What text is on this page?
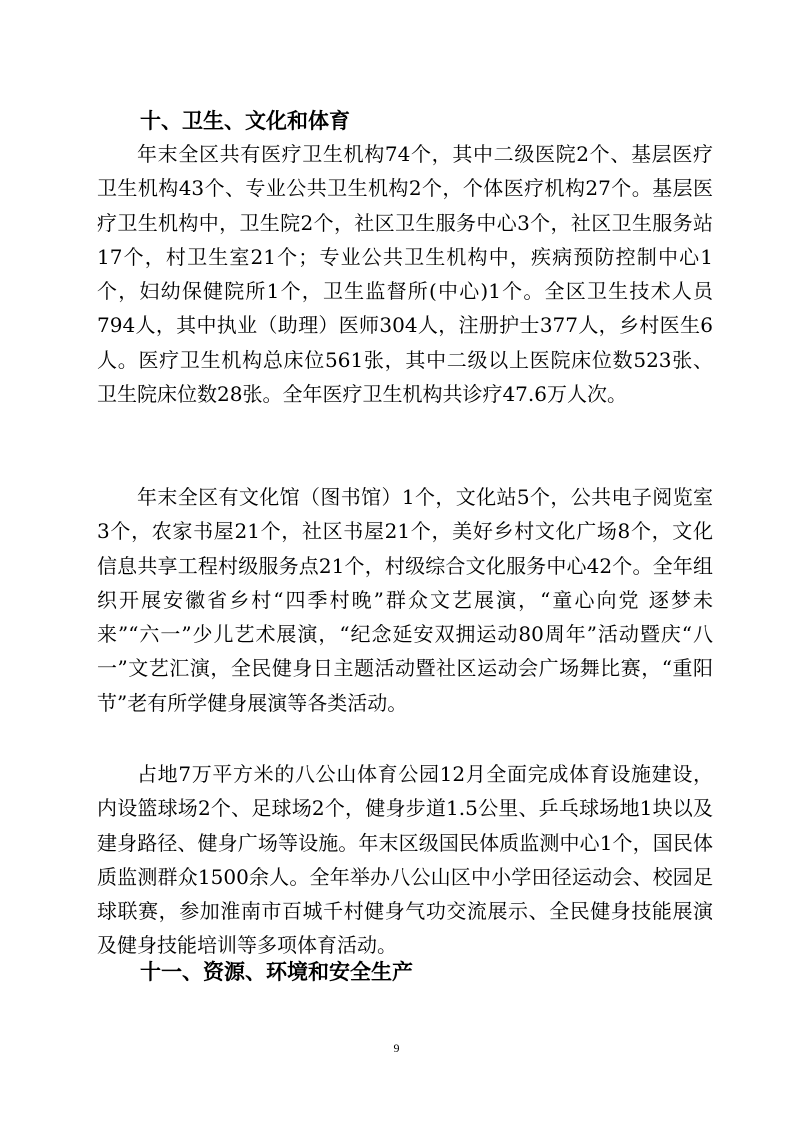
十、卫生、文化和体育

年末全区共有医疗卫生机构74个，其中二级医院2个、基层医疗卫生机构43个、专业公共卫生机构2个，个体医疗机构27个。基层医疗卫生机构中，卫生院2个，社区卫生服务中心3个，社区卫生服务站17个，村卫生室21个；专业公共卫生机构中，疾病预防控制中心1个，妇幼保健院所1个，卫生监督所(中心)1个。全区卫生技术人员794人，其中执业（助理）医师304人，注册护士377人，乡村医生6人。医疗卫生机构总床位561张，其中二级以上医院床位数523张、卫生院床位数28张。全年医疗卫生机构共诊疗47.6万人次。

年末全区有文化馆（图书馆）1个，文化站5个，公共电子阅览室3个，农家书屋21个，社区书屋21个，美好乡村文化广场8个，文化信息共享工程村级服务点21个，村级综合文化服务中心42个。全年组织开展安徽省乡村“四季村晚”群众文艺展演，“童心向党 逐梦未来”“六一”少儿艺术展演，“纪念延安双拥运动80周年”活动暨庆“八一”文艺汇演，全民健身日主题活动暨社区运动会广场舞比赛，“重阳节”老有所学健身展演等各类活动。

占地7万平方米的八公山体育公园12月全面完成体育设施建设，内设篮球场2个、足球场2个，健身步道1.5公里、乒乓球场地1块以及建身路径、健身广场等设施。年末区级国民体质监测中心1个，国民体质监测群众1500余人。全年举办八公山区中小学田径运动会、校园足球联赛，参加淮南市百城千村健身气功交流展示、全民健身技能展演及健身技能培训等多项体育活动。

十一、资源、环境和安全生产
9
